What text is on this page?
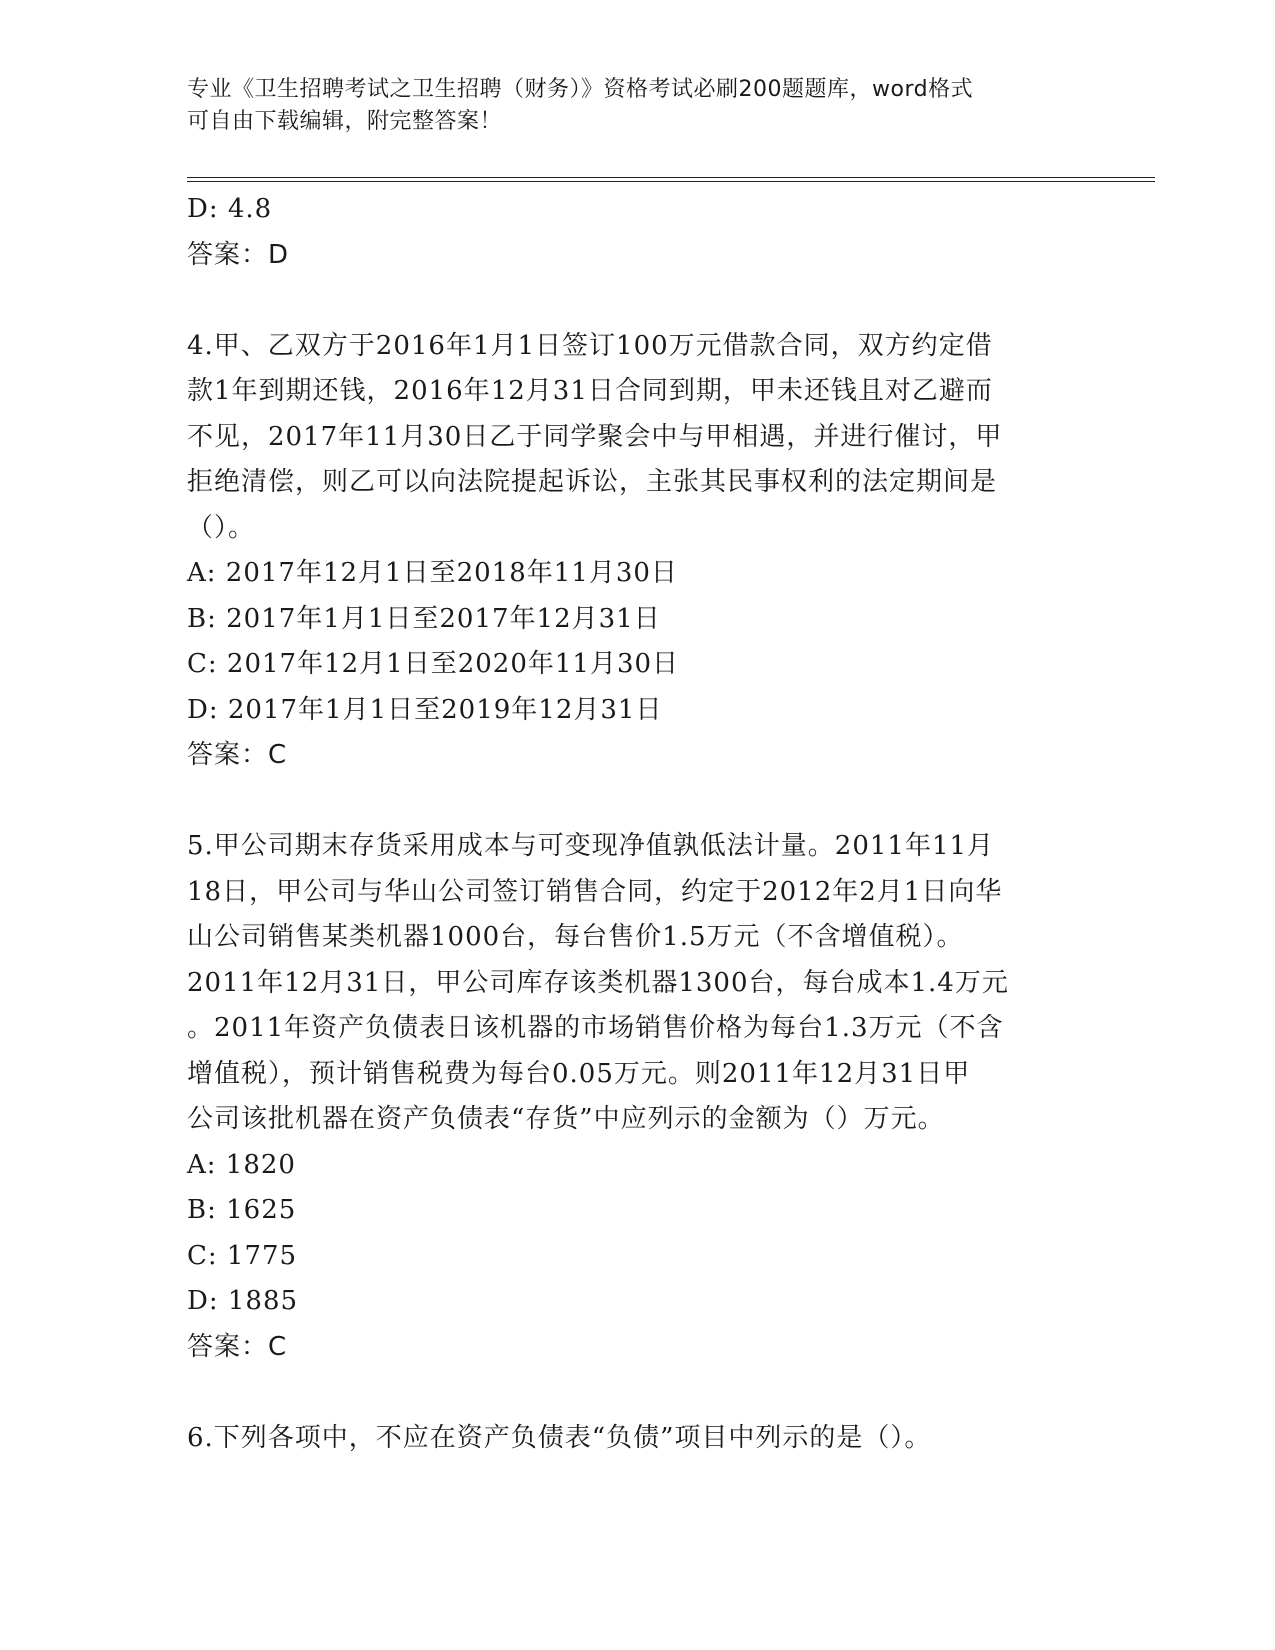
专业《卫生招聘考试之卫生招聘（财务）》资格考试必刷200题题库，word格式
可自由下载编辑，附完整答案！
D: 4.8
答案：D
4.甲、乙双方于2016年1月1日签订100万元借款合同，双方约定借
款1年到期还钱，2016年12月31日合同到期，甲未还钱且对乙避而
不见，2017年11月30日乙于同学聚会中与甲相遇，并进行催讨，甲
拒绝清偿，则乙可以向法院提起诉讼，主张其民事权利的法定期间是
（）。
A: 2017年12月1日至2018年11月30日
B: 2017年1月1日至2017年12月31日
C: 2017年12月1日至2020年11月30日
D: 2017年1月1日至2019年12月31日
答案：C
5.甲公司期末存货采用成本与可变现净值孰低法计量。2011年11月
18日，甲公司与华山公司签订销售合同，约定于2012年2月1日向华
山公司销售某类机器1000台，每台售价1.5万元（不含增值税）。
2011年12月31日，甲公司库存该类机器1300台，每台成本1.4万元
。2011年资产负债表日该机器的市场销售价格为每台1.3万元（不含
增值税），预计销售税费为每台0.05万元。则2011年12月31日甲
公司该批机器在资产负债表“存货”中应列示的金额为（）万元。
A: 1820
B: 1625
C: 1775
D: 1885
答案：C
6.下列各项中，不应在资产负债表“负债”项目中列示的是（）。
